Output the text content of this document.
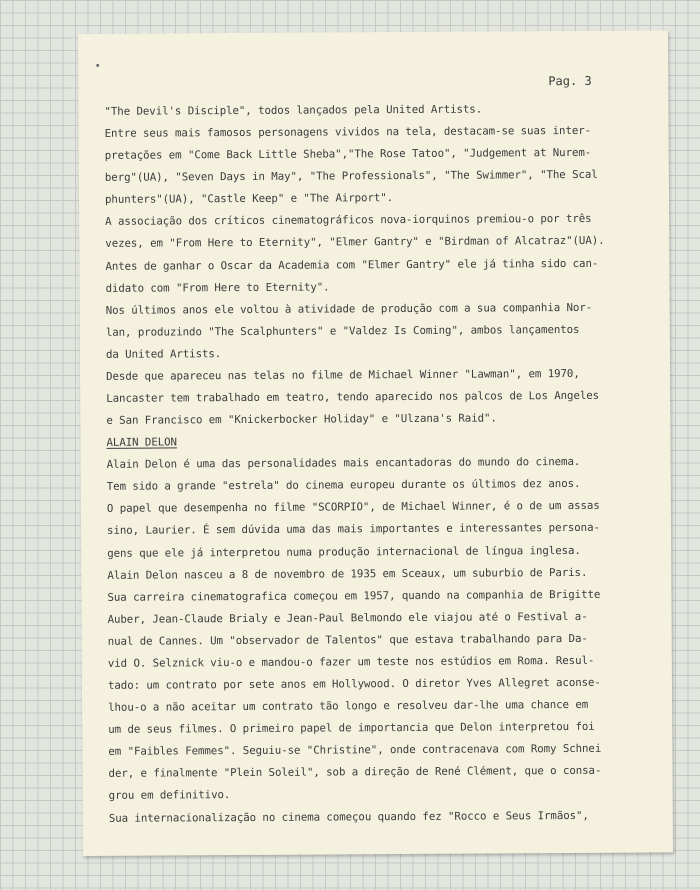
Pag. 3
"The Devil's Disciple", todos lançados pela United Artists.
Entre seus mais famosos personagens vividos na tela, destacam-se suas inter-
pretações em "Come Back Little Sheba","The Rose Tatoo", "Judgement at Nurem-
berg"(UA), "Seven Days in May", "The Professionals", "The Swimmer", "The Scal
phunters"(UA), "Castle Keep" e "The Airport".
A associação dos críticos cinematográficos nova-iorquinos premiou-o por três
vezes, em "From Here to Eternity", "Elmer Gantry" e "Birdman of Alcatraz"(UA).
Antes de ganhar o Oscar da Academia com "Elmer Gantry" ele já tinha sido can-
didato com "From Here to Eternity".
Nos últimos anos ele voltou à atividade de produção com a sua companhia Nor-
lan, produzindo "The Scalphunters" e "Valdez Is Coming", ambos lançamentos
da United Artists.
Desde que apareceu nas telas no filme de Michael Winner "Lawman", em 1970,
Lancaster tem trabalhado em teatro, tendo aparecido nos palcos de Los Angeles
e San Francisco em "Knickerbocker Holiday" e "Ulzana's Raid".
ALAIN DELON
Alain Delon é uma das personalidades mais encantadoras do mundo do cinema.
Tem sido a grande "estrela" do cinema europeu durante os últimos dez anos.
O papel que desempenha no filme "SCORPIO", de Michael Winner, é o de um assas
sino, Laurier. É sem dúvida uma das mais importantes e interessantes persona-
gens que ele já interpretou numa produção internacional de língua inglesa.
Alain Delon nasceu a 8 de novembro de 1935 em Sceaux, um suburbio de Paris.
Sua carreira cinematografica começou em 1957, quando na companhia de Brigitte
Auber, Jean-Claude Brialy e Jean-Paul Belmondo ele viajou até o Festival a-
nual de Cannes. Um "observador de Talentos" que estava trabalhando para Da-
vid O. Selznick viu-o e mandou-o fazer um teste nos estúdios em Roma. Resul-
tado: um contrato por sete anos em Hollywood. O diretor Yves Allegret aconse-
lhou-o a não aceitar um contrato tão longo e resolveu dar-lhe uma chance em
um de seus filmes. O primeiro papel de importancia que Delon interpretou foi
em "Faibles Femmes". Seguiu-se "Christine", onde contracenava com Romy Schnei
der, e finalmente "Plein Soleil", sob a direção de René Clément, que o consa-
grou em definitivo.
Sua internacionalização no cinema começou quando fez "Rocco e Seus Irmãos",
